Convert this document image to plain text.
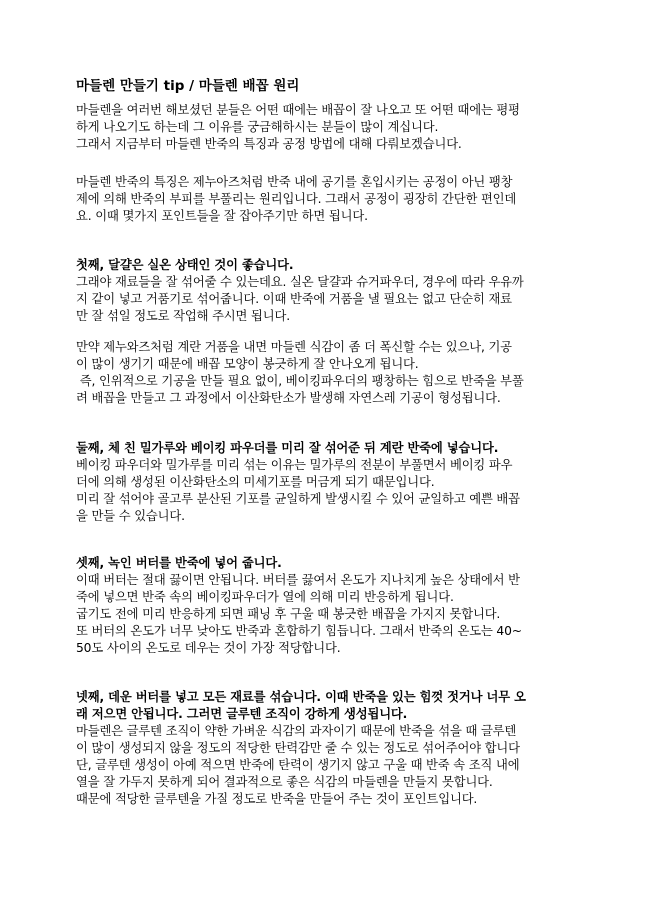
마들렌 만들기 tip / 마들렌 배꼽 원리
마들렌을 여러번 해보셨던 분들은 어떤 때에는 배꼽이 잘 나오고 또 어떤 때에는 평평
하게 나오기도 하는데 그 이유를 궁금해하시는 분들이 많이 계십니다.
그래서 지금부터 마들렌 반죽의 특징과 공정 방법에 대해 다뤄보겠습니다.
마들렌 반죽의 특징은 제누아즈처럼 반죽 내에 공기를 혼입시키는 공정이 아닌 팽창
제에 의해 반죽의 부피를 부풀리는 원리입니다. 그래서 공정이 굉장히 간단한 편인데
요. 이때 몇가지 포인트들을 잘 잡아주기만 하면 됩니다.
첫째, 달걀은 실온 상태인 것이 좋습니다.
그래야 재료들을 잘 섞어줄 수 있는데요. 실온 달걀과 슈거파우더, 경우에 따라 우유까
지 같이 넣고 거품기로 섞어줍니다. 이때 반죽에 거품을 낼 필요는 없고 단순히 재료
만 잘 섞일 정도로 작업해 주시면 됩니다.
만약 제누와즈처럼 계란 거품을 내면 마들렌 식감이 좀 더 폭신할 수는 있으나, 기공
이 많이 생기기 때문에 배꼽 모양이 봉긋하게 잘 안나오게 됩니다.
즉, 인위적으로 기공을 만들 필요 없이, 베이킹파우더의 팽창하는 힘으로 반죽을 부풀
려 배꼽을 만들고 그 과정에서 이산화탄소가 발생해 자연스레 기공이 형성됩니다.
둘째, 체 친 밀가루와 베이킹 파우더를 미리 잘 섞어준 뒤 계란 반죽에 넣습니다.
베이킹 파우더와 밀가루를 미리 섞는 이유는 밀가루의 전분이 부풀면서 베이킹 파우
더에 의해 생성된 이산화탄소의 미세기포를 머금게 되기 때문입니다.
미리 잘 섞어야 골고루 분산된 기포를 균일하게 발생시킬 수 있어 균일하고 예쁜 배꼽
을 만들 수 있습니다.
셋째, 녹인 버터를 반죽에 넣어 줍니다.
이때 버터는 절대 끓이면 안됩니다. 버터를 끓여서 온도가 지나치게 높은 상태에서 반
죽에 넣으면 반죽 속의 베이킹파우더가 열에 의해 미리 반응하게 됩니다.
굽기도 전에 미리 반응하게 되면 패닝 후 구울 때 봉긋한 배꼽을 가지지 못합니다.
또 버터의 온도가 너무 낮아도 반죽과 혼합하기 힘듭니다. 그래서 반죽의 온도는 40~
50도 사이의 온도로 데우는 것이 가장 적당합니다.
넷째, 데운 버터를 넣고 모든 재료를 섞습니다. 이때 반죽을 있는 힘껏 젓거나 너무 오
래 저으면 안됩니다. 그러면 글루텐 조직이 강하게 생성됩니다.
마들렌은 글루텐 조직이 약한 가벼운 식감의 과자이기 때문에 반죽을 섞을 때 글루텐
이 많이 생성되지 않을 정도의 적당한 탄력감만 줄 수 있는 정도로 섞어주어야 합니다
단, 글루텐 생성이 아예 적으면 반죽에 탄력이 생기지 않고 구울 때 반죽 속 조직 내에
열을 잘 가두지 못하게 되어 결과적으로 좋은 식감의 마들렌을 만들지 못합니다.
때문에 적당한 글루텐을 가질 정도로 반죽을 만들어 주는 것이 포인트입니다.
